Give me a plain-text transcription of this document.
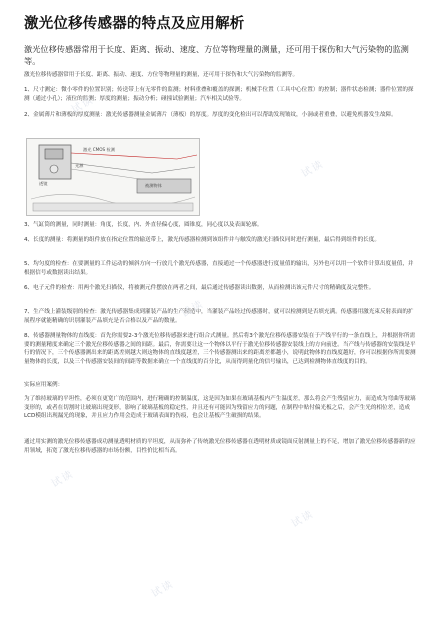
激光位移传感器的特点及应用解析
激光位移传感器常用于长度、距离、振动、速度、方位等物理量的测量，还可用于探伤和大气污染物的监测等。
激光位移传感器常用于长度、距离、振动、速度、方位等物理量的测量，还可用于探伤和大气污染物的监测等。
1、尺寸测定：微小零件的位置识别；传送带上有无零件的监测；材料重叠和覆盖的探测；机械手位置（工具中心位置）的控制；器件状态检测；器件位置的探测（通过小孔）；液位的监测；厚度的测量；振动分析；碰撞试验测量；汽车相关试验等。
2、金属薄片和薄板的厚度测量：激光传感器测量金属薄片（薄板）的厚度。厚度的变化检出可以帮助发现皱纹，小洞或者重叠，以避免机器发生故障。
激光 CMOS 检测
光源
透镜	被测物体
3、气缸筒的测量，同时测量：角度，长度，内、外直径偏心度，圆锥度，同心度以及表面轮廓。
4、长度的测量：将测量的组件放在指定位置的输送带上，激光传感器检测到该组件并与触发的激光扫描仪同时进行测量，最后得到组件的长度。
5、均匀度的检查：在要测量的工件运动的倾斜方向一行放几个激光传感器，直接通过一个传感器进行度量值的输出，另外也可以用一个软件计算出度量值，并根据信号或数据读出结果。
6、电子元件的检查：用两个激光扫描仪，将被测元件摆放在两者之间，最后通过传感器读出数据，从而检测出该元件尺寸的精确度及完整性。
7、生产线上灌装级别的检查：激光传感器集成到灌装产品的生产制造中，当灌装产品经过传感器时，就可以检测到是否填充满。传感器用激光束反射表面的扩展程序就能精确的识别灌装产品填充是否合格以及产品的数量。
8、传感器测量物体的直线度：首先你需要2-3个激光位移传感器来进行组合式测量。然后将3个激光位移传感器安装在于产线平行的一条直线上，并根据你所需要的测量精度来确定三个激光位移传感器之间的间距。最后，你需要让这一个物体以平行于激光位移传感器安装线上的方向前进。当产线与传感器的安装线是平行的情况下，三个传感器测出来的距离差则越大则这物体的直线度越差，三个传感器测出来的距离差都越小，说明此物体的直线度越好，你可以根据你所需要测量物体的长度，以及三个传感器安装间的间距等数据来确立一个直线度的百分比，从而得到量化的信号输出，已达到检测物体直线度的目的。
实际应用案例：
为了维持玻璃的平坦性，必须在更宽广的范围内，进行精确的控制温度，这是因为如果在玻璃基板内产生温度差，那么将会产生残留应力，而造成为弯曲等玻璃变形的，或者在切割时让玻璃出现变形，影响了玻璃基板的稳定性，并且还有可能因为残留应力的问题，在制程中贴付偏光板之后，会产生光的相位差，造成LCD模组出现漏光的现象，并且应力作用会造成于玻璃表面的伤痕，也会让基板产生破损的结果。
通过用实测的激光位移传感器成功测量透明材质的平坦度，从而弥补了传统激光位移传感器在透明材质或镜面反射测量上的不足，增加了激光位移传感器新的应用领域，拓宽了激光位移传感器的市场份额，目性价比相当高。
试读
试读
试读
试读
试读
试读
